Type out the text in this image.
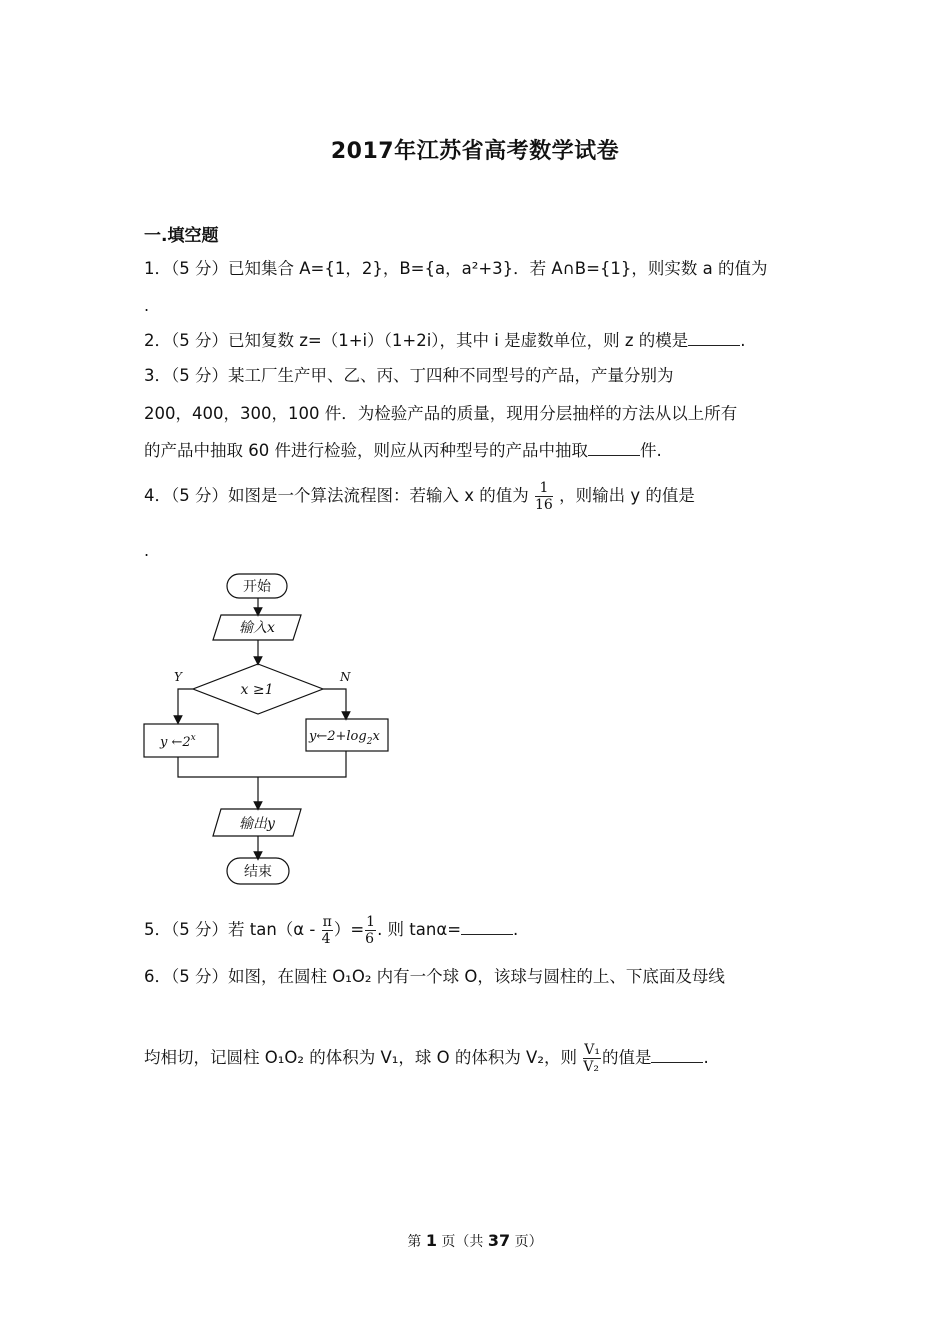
2017年江苏省高考数学试卷
一.填空题
1．（5 分）已知集合 A={1，2}，B={a，a²+3}．若 A∩B={1}，则实数 a 的值为
.
2．（5 分）已知复数 z=（1+i）（1+2i），其中 i 是虚数单位，则 z 的模是	.
3．（5 分）某工厂生产甲、乙、丙、丁四种不同型号的产品，产量分别为
200，400，300，100 件．为检验产品的质量，现用分层抽样的方法从以上所有
的产品中抽取 60 件进行检验，则应从丙种型号的产品中抽取	件.
4．（5 分）如图是一个算法流程图：若输入 x 的值为 $\frac{1}{16}$ ，则输出 y 的值是
.
开始
输入x
x ≥1
Y	N
y ←2$^x$	$y\leftarrow 2+\log_2x$
输出y
结束
5．（5 分）若 $\tan(\alpha - \frac{\pi}{4}$ ）= $\frac{1}{6}$ . 则 tanα=	.
6．（5 分）如图，在圆柱 O₁O₂ 内有一个球 O，该球与圆柱的上、下底面及母线
均相切，记圆柱 O₁O₂ 的体积为 V₁，球 O 的体积为 V₂，则 $\frac{\text{V₁}}{\text{V₂}}$ 的值是	.
第 1 页（共 37 页）
